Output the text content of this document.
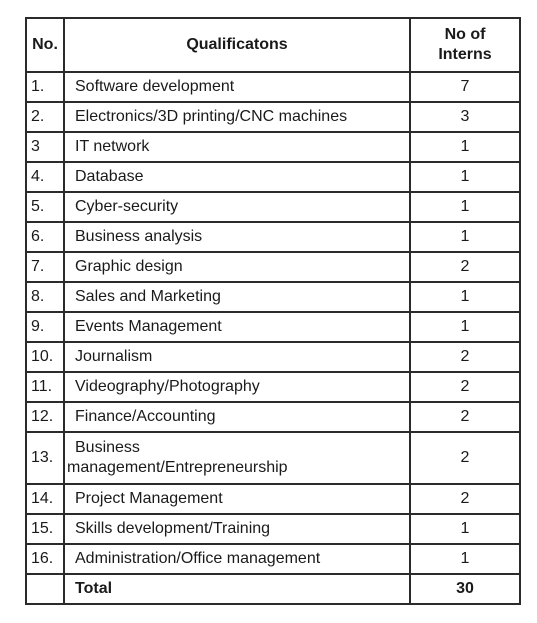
No.	Qualificatons	No of
Interns

1.	Software development	7
2.	Electronics/3D printing/CNC machines	3
3	IT network	1
4.	Database	1
5.	Cyber-security	1
6.	Business analysis	1
7.	Graphic design	2
8.	Sales and Marketing	1
9.	Events Management	1
10.	Journalism	2
11.	Videography/Photography	2
12.	Finance/Accounting	2
13.	Business
management/Entrepreneurship	2
14.	Project Management	2
15.	Skills development/Training	1
16.	Administration/Office management	1
	Total	30
